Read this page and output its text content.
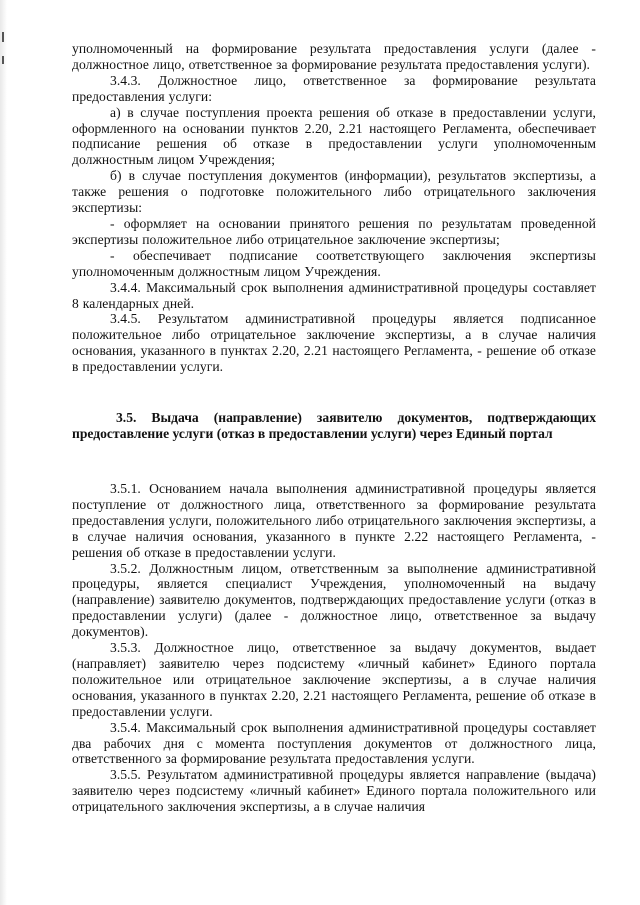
уполномоченный на формирование результата предоставления услуги (далее - должностное лицо, ответственное за формирование результата предоставления услуги).

3.4.3. Должностное лицо, ответственное за формирование результата предоставления услуги:

а) в случае поступления проекта решения об отказе в предоставлении услуги, оформленного на основании пунктов 2.20, 2.21 настоящего Регламента, обеспечивает подписание решения об отказе в предоставлении услуги уполномоченным должностным лицом Учреждения;

б) в случае поступления документов (информации), результатов экспертизы, а также решения о подготовке положительного либо отрицательного заключения экспертизы:

- оформляет на основании принятого решения по результатам проведенной экспертизы положительное либо отрицательное заключение экспертизы;

- обеспечивает подписание соответствующего заключения экспертизы уполномоченным должностным лицом Учреждения.

3.4.4. Максимальный срок выполнения административной процедуры составляет 8 календарных дней.

3.4.5. Результатом административной процедуры является подписанное положительное либо отрицательное заключение экспертизы, а в случае наличия основания, указанного в пунктах 2.20, 2.21 настоящего Регламента, - решение об отказе в предоставлении услуги.

3.5. Выдача (направление) заявителю документов, подтверждающих предоставление услуги (отказ в предоставлении услуги) через Единый портал

3.5.1. Основанием начала выполнения административной процедуры является поступление от должностного лица, ответственного за формирование результата предоставления услуги, положительного либо отрицательного заключения экспертизы, а в случае наличия основания, указанного в пункте 2.22 настоящего Регламента, - решения об отказе в предоставлении услуги.

3.5.2. Должностным лицом, ответственным за выполнение административной процедуры, является специалист Учреждения, уполномоченный на выдачу (направление) заявителю документов, подтверждающих предоставление услуги (отказ в предоставлении услуги) (далее - должностное лицо, ответственное за выдачу документов).

3.5.3. Должностное лицо, ответственное за выдачу документов, выдает (направляет) заявителю через подсистему «личный кабинет» Единого портала положительное или отрицательное заключение экспертизы, а в случае наличия основания, указанного в пунктах 2.20, 2.21 настоящего Регламента, решение об отказе в предоставлении услуги.

3.5.4. Максимальный срок выполнения административной процедуры составляет два рабочих дня с момента поступления документов от должностного лица, ответственного за формирование результата предоставления услуги.

3.5.5. Результатом административной процедуры является направление (выдача) заявителю через подсистему «личный кабинет» Единого портала положительного или отрицательного заключения экспертизы, а в случае наличия
